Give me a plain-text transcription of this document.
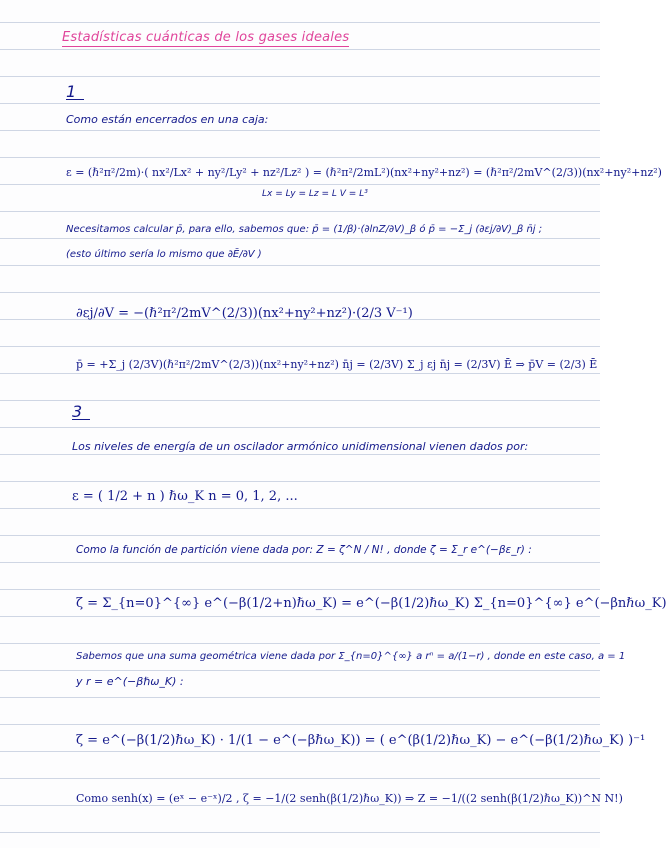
Estadísticas cuánticas de los gases ideales
1
Como están encerrados en una caja:
ε = (ℏ²π²/2m)·( nx²/Lx² + ny²/Ly² + nz²/Lz² ) = (ℏ²π²/2mL²)(nx²+ny²+nz²) = (ℏ²π²/2mV^(2/3))(nx²+ny²+nz²)
Lx = Ly = Lz = L V = L³
Necesitamos calcular p̄, para ello, sabemos que: p̄ = (1/β)·(∂lnZ/∂V)_β ó p̄ = −Σ_j (∂εj/∂V)_β n̄j ;
(esto último sería lo mismo que ∂Ē/∂V )
∂εj/∂V = −(ℏ²π²/2mV^(2/3))(nx²+ny²+nz²)·(2/3 V⁻¹)
p̄ = +Σ_j (2/3V)(ℏ²π²/2mV^(2/3))(nx²+ny²+nz²) n̄j = (2/3V) Σ_j εj n̄j = (2/3V) Ē ⇒ p̄V = (2/3) Ē
3
Los niveles de energía de un oscilador armónico unidimensional vienen dados por:
ε = ( 1/2 + n ) ℏω_K n = 0, 1, 2, ...
Como la función de partición viene dada por: Z = ζ^N / N! , donde ζ = Σ_r e^(−βε_r) :
ζ = Σ_{n=0}^{∞} e^(−β(1/2+n)ℏω_K) = e^(−β(1/2)ℏω_K) Σ_{n=0}^{∞} e^(−βnℏω_K)
Sabemos que una suma geométrica viene dada por Σ_{n=0}^{∞} a rⁿ = a/(1−r) , donde en este caso, a = 1
y r = e^(−βℏω_K) :
ζ = e^(−β(1/2)ℏω_K) · 1/(1 − e^(−βℏω_K)) = ( e^(β(1/2)ℏω_K) − e^(−β(1/2)ℏω_K) )⁻¹
Como senh(x) = (eˣ − e⁻ˣ)/2 , ζ = −1/(2 senh(β(1/2)ℏω_K)) ⇒ Z = −1/((2 senh(β(1/2)ℏω_K))^N N!)
